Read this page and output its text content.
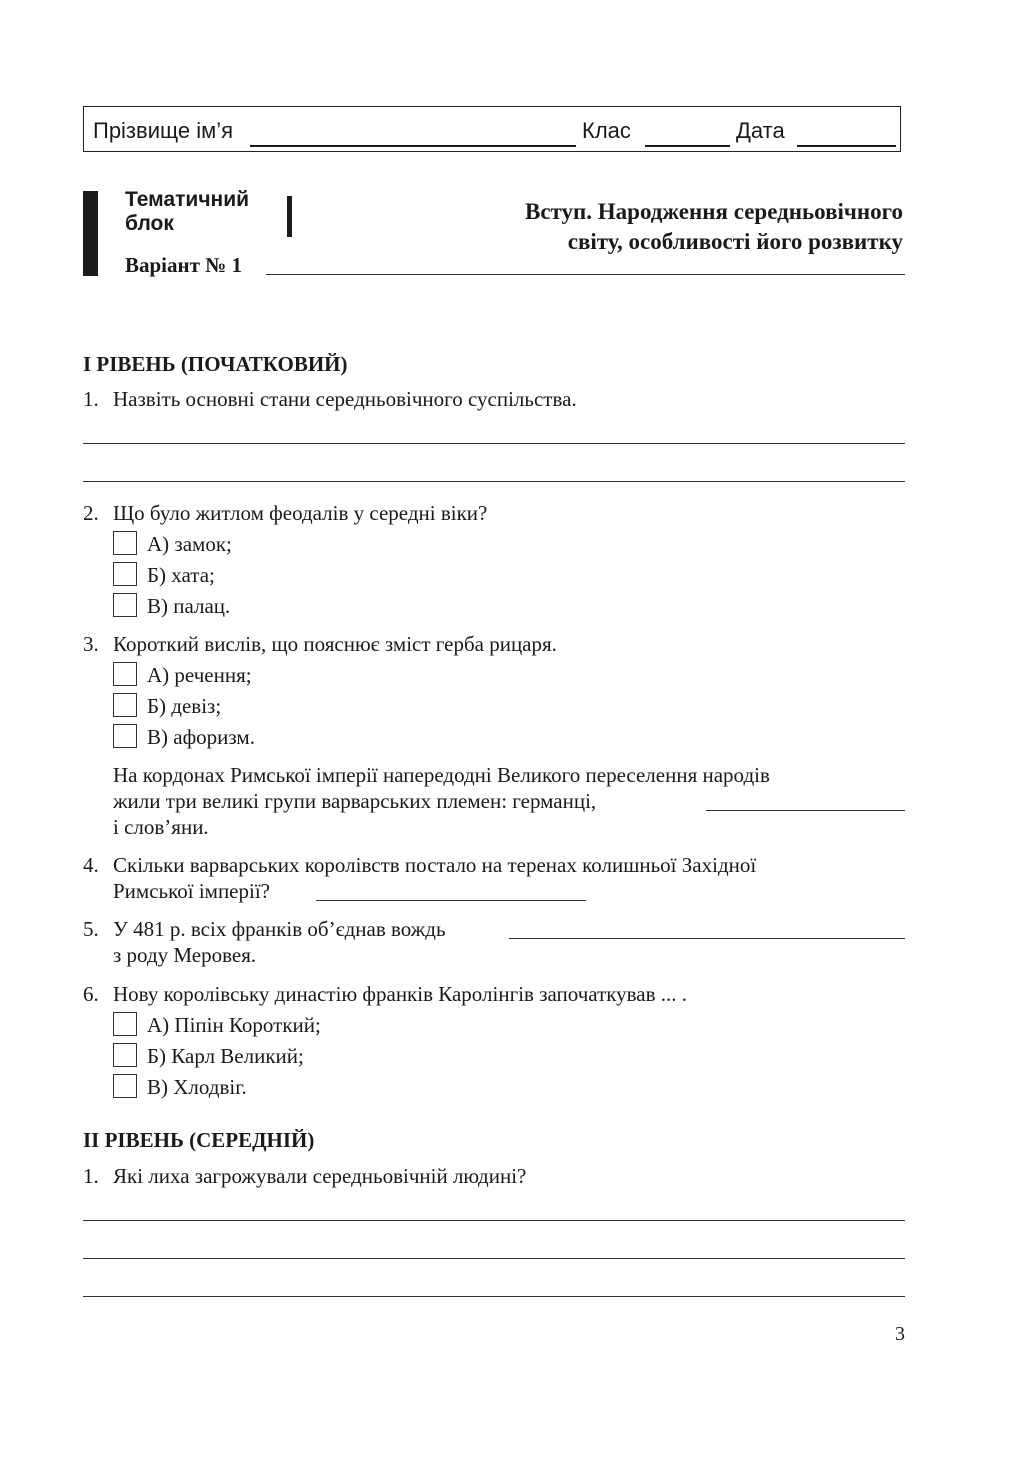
Прізвище ім’я	Клас	Дата
Тематичний
блок	Вступ. Народження середньовічного
світу, особливості його розвитку
Варіант № 1
I РІВЕНЬ (ПОЧАТКОВИЙ)
1. Назвіть основні стани середньовічного суспільства.
2. Що було житлом феодалів у середні віки?
А) замок;
Б) хата;
В) палац.
3. Короткий вислів, що пояснює зміст герба рицаря.
А) речення;
Б) девіз;
В) афоризм.
На кордонах Римської імперії напередодні Великого переселення народів
жили три великі групи варварських племен: германці,
і слов’яни.
4. Скільки варварських королівств постало на теренах колишньої Західної
Римської імперії?
5. У 481 р. всіх франків об’єднав вождь
з роду Меровея.
6. Нову королівську династію франків Каролінгів започаткував ... .
А) Піпін Короткий;
Б) Карл Великий;
В) Хлодвіг.
II РІВЕНЬ (СЕРЕДНІЙ)
1. Які лиха загрожували середньовічній людині?
3
